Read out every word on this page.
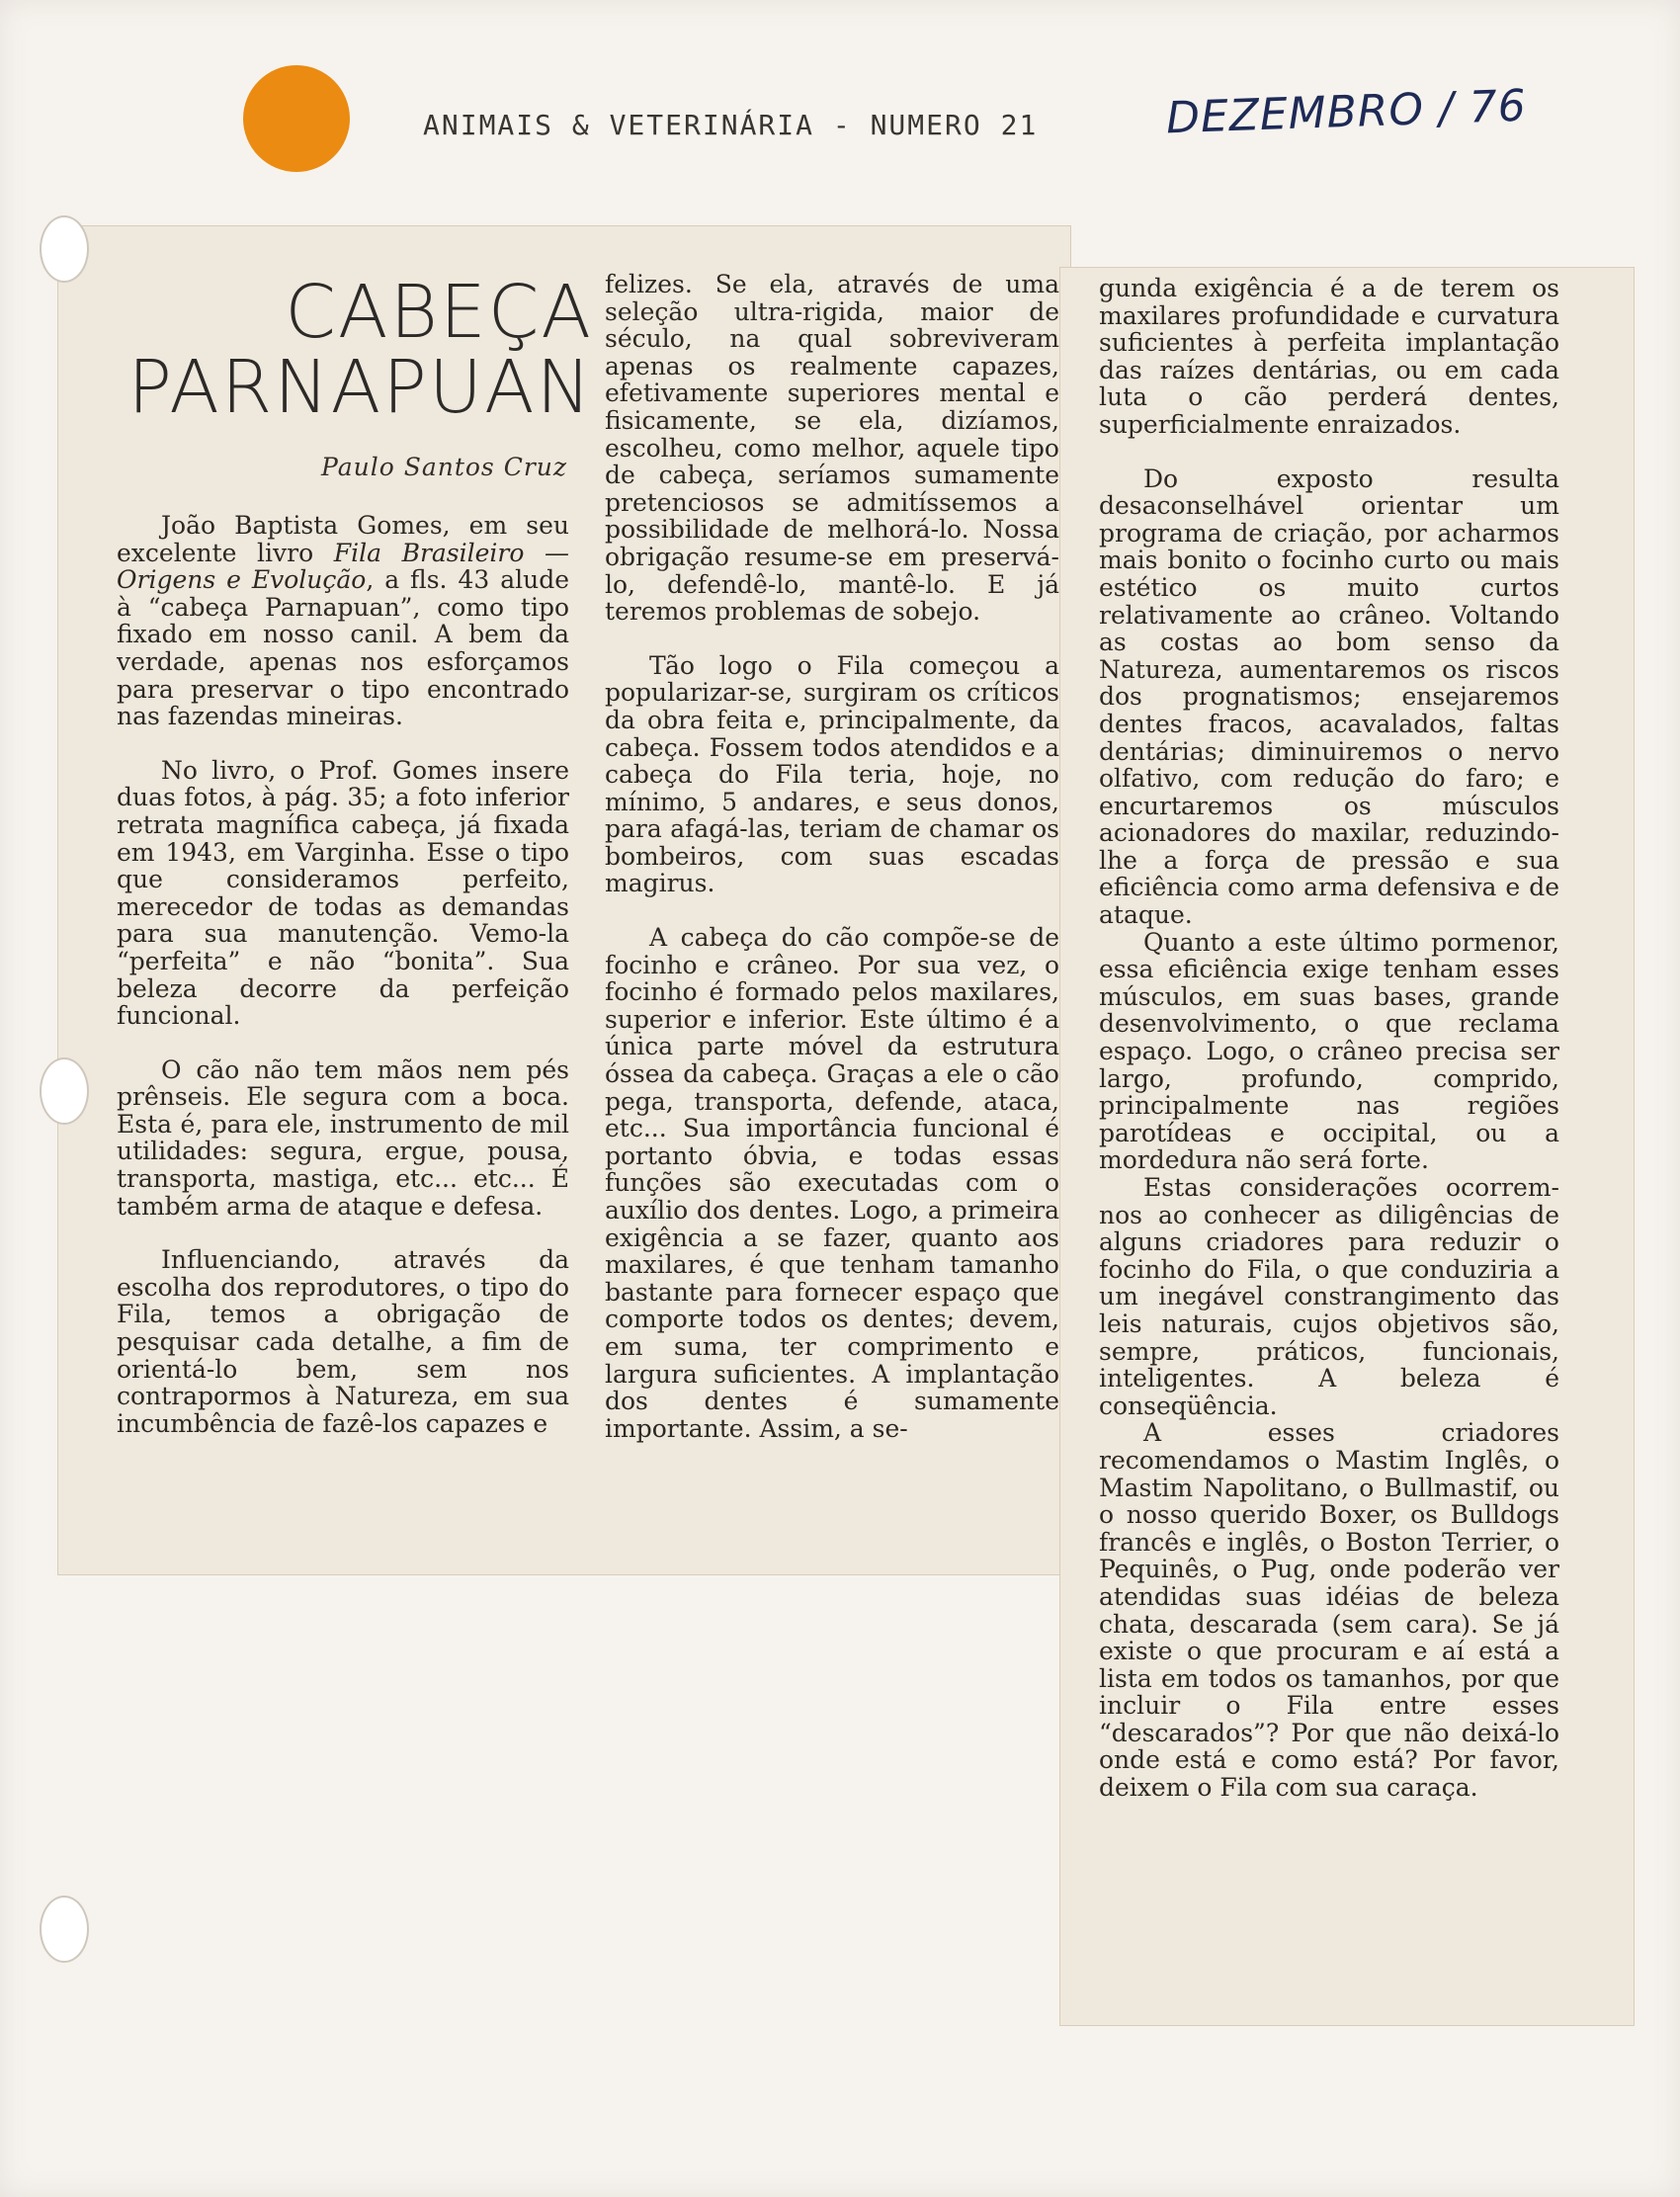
ANIMAIS & VETERINÁRIA - NUMERO 21	DEZEMBRO / 76
CABEÇA
PARNAPUAN
Paulo Santos Cruz

João Baptista Gomes, em seu excelente livro Fila Brasileiro — Origens e Evolução, a fls. 43 alude à “cabeça Parnapuan”, como tipo fixado em nosso canil. A bem da verdade, apenas nos esforçamos para preservar o tipo encontrado nas fazendas mineiras.

No livro, o Prof. Gomes insere duas fotos, à pág. 35; a foto inferior retrata magnífica cabeça, já fixada em 1943, em Varginha. Esse o tipo que consideramos perfeito, merecedor de todas as demandas para sua manutenção. Vemo-la “perfeita” e não “bonita”. Sua beleza decorre da perfeição funcional.

O cão não tem mãos nem pés prênseis. Ele segura com a boca. Esta é, para ele, instrumento de mil utilidades: segura, ergue, pousa, transporta, mastiga, etc... etc... É também arma de ataque e defesa.

Influenciando, através da escolha dos reprodutores, o tipo do Fila, temos a obrigação de pesquisar cada detalhe, a fim de orientá-lo bem, sem nos contrapormos à Natureza, em sua incumbência de fazê-los capazes e

felizes. Se ela, através de uma seleção ultra-rigida, maior de século, na qual sobreviveram apenas os realmente capazes, efetivamente superiores mental e fisicamente, se ela, dizíamos, escolheu, como melhor, aquele tipo de cabeça, seríamos sumamente pretenciosos se admitíssemos a possibilidade de melhorá-lo. Nossa obrigação resume-se em preservá-lo, defendê-lo, mantê-lo. E já teremos problemas de sobejo.

Tão logo o Fila começou a popularizar-se, surgiram os críticos da obra feita e, principalmente, da cabeça. Fossem todos atendidos e a cabeça do Fila teria, hoje, no mínimo, 5 andares, e seus donos, para afagá-las, teriam de chamar os bombeiros, com suas escadas magirus.

A cabeça do cão compõe-se de focinho e crâneo. Por sua vez, o focinho é formado pelos maxilares, superior e inferior. Este último é a única parte móvel da estrutura óssea da cabeça. Graças a ele o cão pega, transporta, defende, ataca, etc... Sua importância funcional é portanto óbvia, e todas essas funções são executadas com o auxílio dos dentes. Logo, a primeira exigência a se fazer, quanto aos maxilares, é que tenham tamanho bastante para fornecer espaço que comporte todos os dentes; devem, em suma, ter comprimento e largura suficientes. A implantação dos dentes é sumamente importante. Assim, a se-

gunda exigência é a de terem os maxilares profundidade e curvatura suficientes à perfeita implantação das raízes dentárias, ou em cada luta o cão perderá dentes, superficialmente enraizados.

Do exposto resulta desaconselhável orientar um programa de criação, por acharmos mais bonito o focinho curto ou mais estético os muito curtos relativamente ao crâneo. Voltando as costas ao bom senso da Natureza, aumentaremos os riscos dos prognatismos; ensejaremos dentes fracos, acavalados, faltas dentárias; diminuiremos o nervo olfativo, com redução do faro; e encurtaremos os músculos acionadores do maxilar, reduzindo-lhe a força de pressão e sua eficiência como arma defensiva e de ataque.

Quanto a este último pormenor, essa eficiência exige tenham esses músculos, em suas bases, grande desenvolvimento, o que reclama espaço. Logo, o crâneo precisa ser largo, profundo, comprido, principalmente nas regiões parotídeas e occipital, ou a mordedura não será forte.

Estas considerações ocorrem-nos ao conhecer as diligências de alguns criadores para reduzir o focinho do Fila, o que conduziria a um inegável constrangimento das leis naturais, cujos objetivos são, sempre, práticos, funcionais, inteligentes. A beleza é conseqüência.

A esses criadores recomendamos o Mastim Inglês, o Mastim Napolitano, o Bullmastif, ou o nosso querido Boxer, os Bulldogs francês e inglês, o Boston Terrier, o Pequinês, o Pug, onde poderão ver atendidas suas idéias de beleza chata, descarada (sem cara). Se já existe o que procuram e aí está a lista em todos os tamanhos, por que incluir o Fila entre esses “descarados”? Por que não deixá-lo onde está e como está? Por favor, deixem o Fila com sua caraça.
